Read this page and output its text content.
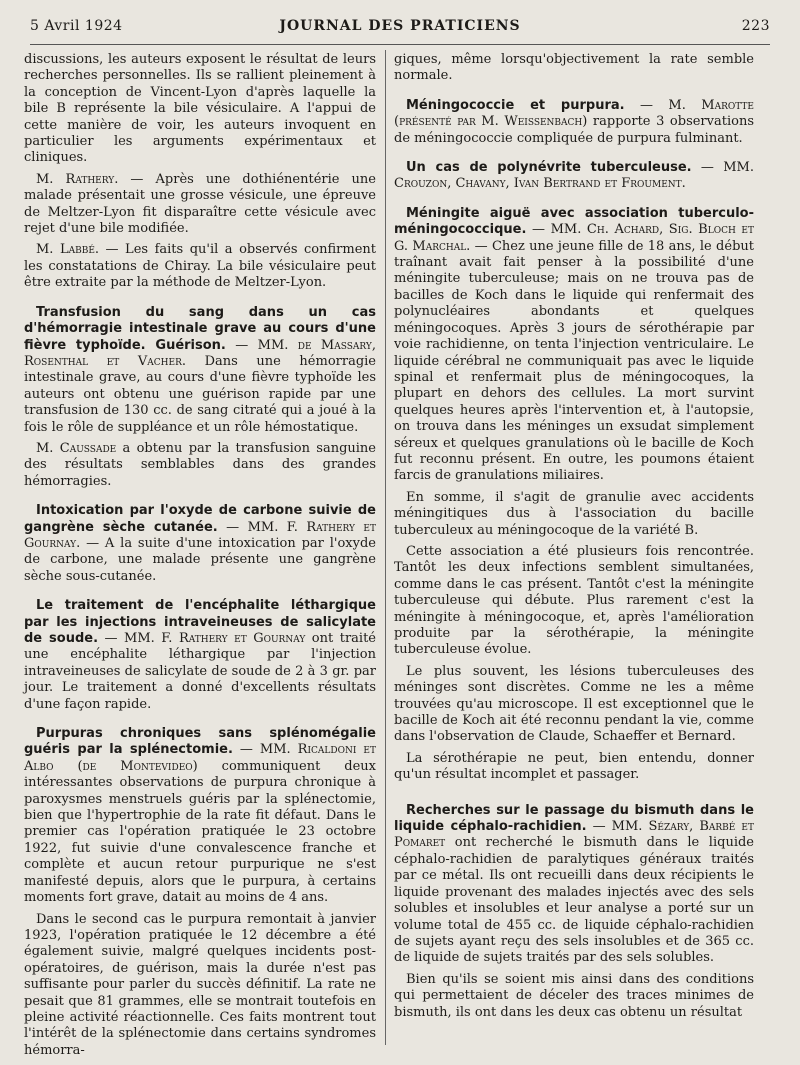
5 Avril 1924	JOURNAL DES PRATICIENS	223

discussions, les auteurs exposent le résultat de leurs recherches personnelles. Ils se rallient pleinement à la conception de Vincent-Lyon d'après laquelle la bile B représente la bile vésiculaire. A l'appui de cette manière de voir, les auteurs invoquent en particulier les arguments expérimentaux et cliniques.

M. Rathery. — Après une dothiénentérie une malade présentait une grosse vésicule, une épreuve de Meltzer-Lyon fit disparaître cette vésicule avec rejet d'une bile modifiée.

M. Labbé. — Les faits qu'il a observés confirment les constatations de Chiray. La bile vésiculaire peut être extraite par la méthode de Meltzer-Lyon.

Transfusion du sang dans un cas d'hémorragie intestinale grave au cours d'une fièvre typhoïde. Guérison. — MM. de Massary, Rosenthal et Vacher. Dans une hémorragie intestinale grave, au cours d'une fièvre typhoïde les auteurs ont obtenu une guérison rapide par une transfusion de 130 cc. de sang citraté qui a joué à la fois le rôle de suppléance et un rôle hémostatique.

M. Caussade a obtenu par la transfusion sanguine des résultats semblables dans des grandes hémorragies.

Intoxication par l'oxyde de carbone suivie de gangrène sèche cutanée. — MM. F. Rathery et Gournay. — A la suite d'une intoxication par l'oxyde de carbone, une malade présente une gangrène sèche sous-cutanée.

Le traitement de l'encéphalite léthargique par les injections intraveineuses de salicylate de soude. — MM. F. Rathery et Gournay ont traité une encéphalite léthargique par l'injection intraveineuses de salicylate de soude de 2 à 3 gr. par jour. Le traitement a donné d'excellents résultats d'une façon rapide.

Purpuras chroniques sans splénomégalie guéris par la splénectomie. — MM. Ricaldoni et Albo (de Montevideo) communiquent deux intéressantes observations de purpura chronique à paroxysmes menstruels guéris par la splénectomie, bien que l'hypertrophie de la rate fit défaut. Dans le premier cas l'opération pratiquée le 23 octobre 1922, fut suivie d'une convalescence franche et complète et aucun retour purpurique ne s'est manifesté depuis, alors que le purpura, à certains moments fort grave, datait au moins de 4 ans.

Dans le second cas le purpura remontait à janvier 1923, l'opération pratiquée le 12 décembre a été également suivie, malgré quelques incidents post-opératoires, de guérison, mais la durée n'est pas suffisante pour parler du succès définitif. La rate ne pesait que 81 grammes, elle se montrait toutefois en pleine activité réactionnelle. Ces faits montrent tout l'intérêt de la splénectomie dans certains syndromes hémorra-

giques, même lorsqu'objectivement la rate semble normale.

Méningococcie et purpura. — M. Marotte (présenté par M. Weissenbach) rapporte 3 observations de méningococcie compliquée de purpura fulminant.

Un cas de polynévrite tuberculeuse. — MM. Crouzon, Chavany, Ivan Bertrand et Froument.

Méningite aiguë avec association tuberculo-méningococcique. — MM. Ch. Achard, Sig. Bloch et G. Marchal. — Chez une jeune fille de 18 ans, le début traînant avait fait penser à la possibilité d'une méningite tuberculeuse; mais on ne trouva pas de bacilles de Koch dans le liquide qui renfermait des polynucléaires abondants et quelques méningocoques. Après 3 jours de sérothérapie par voie rachidienne, on tenta l'injection ventriculaire. Le liquide cérébral ne communiquait pas avec le liquide spinal et renfermait plus de méningocoques, la plupart en dehors des cellules. La mort survint quelques heures après l'intervention et, à l'autopsie, on trouva dans les méninges un exsudat simplement séreux et quelques granulations où le bacille de Koch fut reconnu présent. En outre, les poumons étaient farcis de granulations miliaires.

En somme, il s'agit de granulie avec accidents méningitiques dus à l'association du bacille tuberculeux au méningocoque de la variété B.

Cette association a été plusieurs fois rencontrée. Tantôt les deux infections semblent simultanées, comme dans le cas présent. Tantôt c'est la méningite tuberculeuse qui débute. Plus rarement c'est la méningite à méningocoque, et, après l'amélioration produite par la sérothérapie, la méningite tuberculeuse évolue.

Le plus souvent, les lésions tuberculeuses des méninges sont discrètes. Comme ne les a même trouvées qu'au microscope. Il est exceptionnel que le bacille de Koch ait été reconnu pendant la vie, comme dans l'observation de Claude, Schaeffer et Bernard.

La sérothérapie ne peut, bien entendu, donner qu'un résultat incomplet et passager.

Recherches sur le passage du bismuth dans le liquide céphalo-rachidien. — MM. Sézary, Barbé et Pomaret ont recherché le bismuth dans le liquide céphalo-rachidien de paralytiques généraux traités par ce métal. Ils ont recueilli dans deux récipients le liquide provenant des malades injectés avec des sels solubles et insolubles et leur analyse a porté sur un volume total de 455 cc. de liquide céphalo-rachidien de sujets ayant reçu des sels insolubles et de 365 cc. de liquide de sujets traités par des sels solubles.

Bien qu'ils se soient mis ainsi dans des conditions qui permettaient de déceler des traces minimes de bismuth, ils ont dans les deux cas obtenu un résultat
